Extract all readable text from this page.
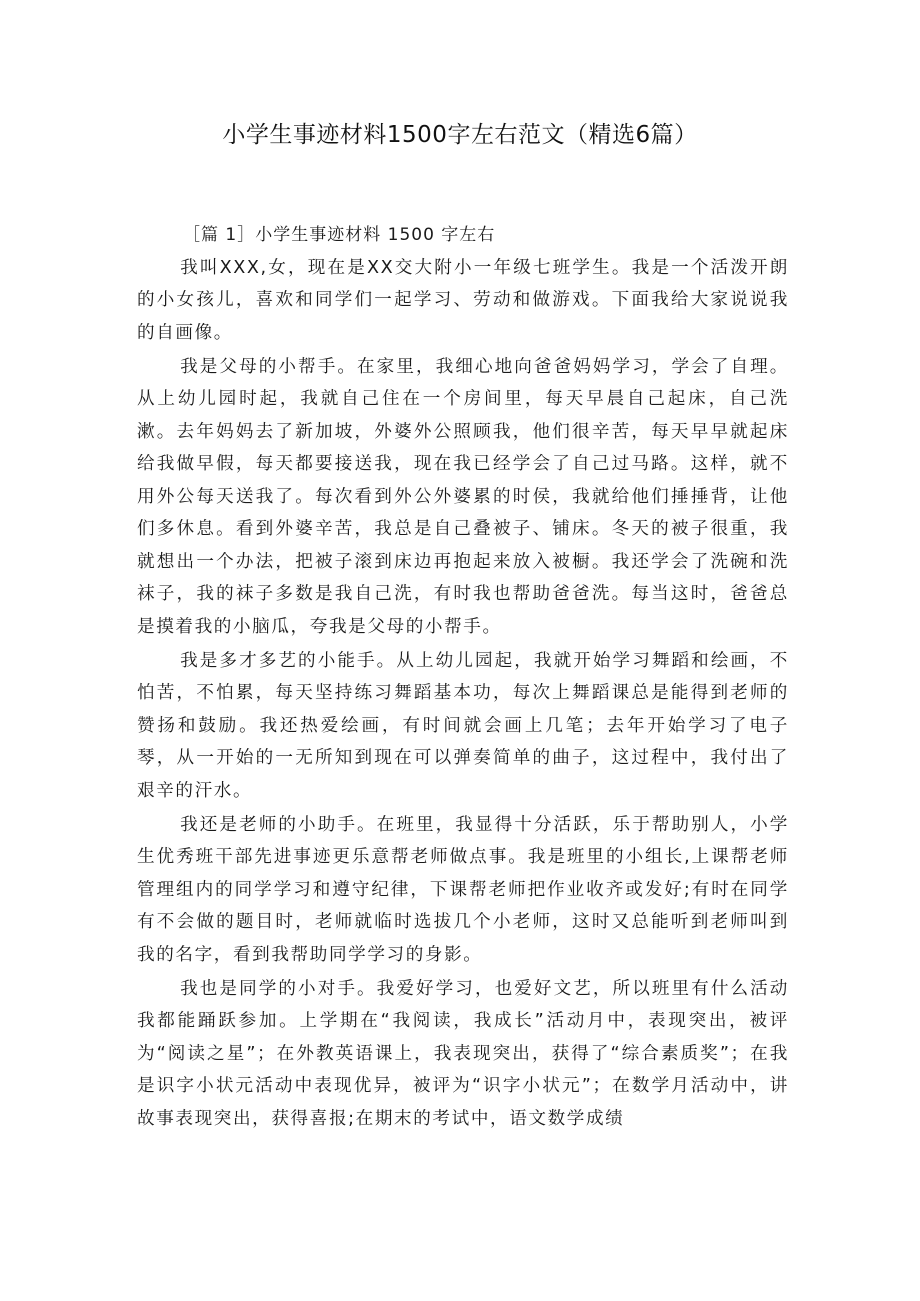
小学生事迹材料1500字左右范文（精选6篇）

［篇 1］小学生事迹材料 1500 字左右

我叫XXX,女，现在是XX交大附小一年级七班学生。我是一个活泼开朗的小女孩儿，喜欢和同学们一起学习、劳动和做游戏。下面我给大家说说我的自画像。

我是父母的小帮手。在家里，我细心地向爸爸妈妈学习，学会了自理。从上幼儿园时起，我就自己住在一个房间里，每天早晨自己起床，自己洗漱。去年妈妈去了新加坡，外婆外公照顾我，他们很辛苦，每天早早就起床给我做早假，每天都要接送我，现在我已经学会了自己过马路。这样，就不用外公每天送我了。每次看到外公外婆累的时侯，我就给他们捶捶背，让他们多休息。看到外婆辛苦，我总是自己叠被子、铺床。冬天的被子很重，我就想出一个办法，把被子滚到床边再抱起来放入被橱。我还学会了洗碗和洗袜子，我的袜子多数是我自己洗，有时我也帮助爸爸洗。每当这时，爸爸总是摸着我的小脑瓜，夸我是父母的小帮手。

我是多才多艺的小能手。从上幼儿园起，我就开始学习舞蹈和绘画，不怕苦，不怕累，每天坚持练习舞蹈基本功，每次上舞蹈课总是能得到老师的赞扬和鼓励。我还热爱绘画，有时间就会画上几笔；去年开始学习了电子琴，从一开始的一无所知到现在可以弹奏简单的曲子，这过程中，我付出了艰辛的汗水。

我还是老师的小助手。在班里，我显得十分活跃，乐于帮助别人，小学生优秀班干部先进事迹更乐意帮老师做点事。我是班里的小组长,上课帮老师管理组内的同学学习和遵守纪律，下课帮老师把作业收齐或发好;有时在同学有不会做的题目时，老师就临时选拔几个小老师，这时又总能听到老师叫到我的名字，看到我帮助同学学习的身影。

我也是同学的小对手。我爱好学习，也爱好文艺，所以班里有什么活动我都能踊跃参加。上学期在“我阅读，我成长”活动月中，表现突出，被评为“阅读之星”；在外教英语课上，我表现突出，获得了“综合素质奖”；在我是识字小状元活动中表现优异，被评为“识字小状元”；在数学月活动中，讲故事表现突出，获得喜报;在期末的考试中，语文数学成绩
